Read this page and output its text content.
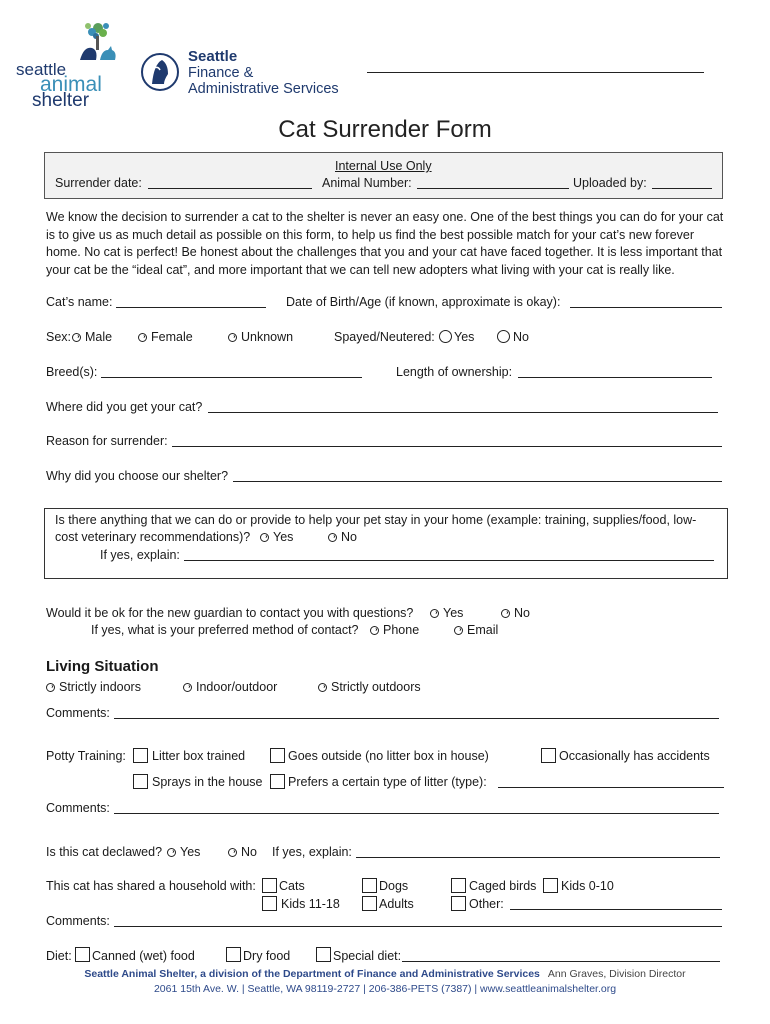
seattle
animal
shelter
Seattle
Finance &
Administrative Services
Cat Surrender Form
Internal Use Only
Surrender date:	Animal Number:	Uploaded by:
We know the decision to surrender a cat to the shelter is never an easy one. One of the best things you can do for your cat is to give us as much detail as possible on this form, to help us find the best possible match for your cat’s new forever home. No cat is perfect! Be honest about the challenges that you and your cat have faced together. It is less important that your cat be the “ideal cat”, and more important that we can tell new adopters what living with your cat is really like.
Cat’s name:	Date of Birth/Age (if known, approximate is okay):
Sex:	Male	Female	Unknown	Spayed/Neutered:	Yes	No
Breed(s):	Length of ownership:
Where did you get your cat?
Reason for surrender:
Why did you choose our shelter?
Is there anything that we can do or provide to help your pet stay in your home (example: training, supplies/food, low-
cost veterinary recommendations)?	Yes	No
If yes, explain:
Would it be ok for the new guardian to contact you with questions?	Yes	No
If yes, what is your preferred method of contact?	Phone	Email
Living Situation
Strictly indoors	Indoor/outdoor	Strictly outdoors
Comments:
Potty Training: Litter box trained	Goes outside (no litter box in house)	Occasionally has accidents
Sprays in the house Prefers a certain type of litter (type):
Comments:
Is this cat declawed?	Yes	No If yes, explain:
This cat has shared a household with: Cats	Dogs	Caged birds Kids 0-10
Kids 11-18	Adults	Other:
Comments:
Diet: Canned (wet) food	Dry food	Special diet:
Seattle Animal Shelter, a division of the Department of Finance and Administrative Services Ann Graves, Division Director
2061 15th Ave. W. | Seattle, WA 98119-2727 | 206-386-PETS (7387) | www.seattleanimalshelter.org
